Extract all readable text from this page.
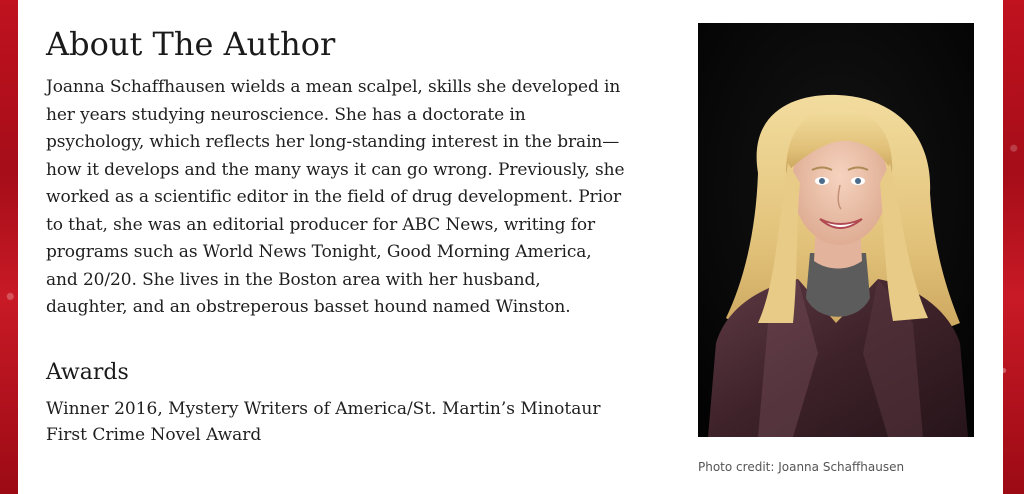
About The Author

Joanna Schaffhausen wields a mean scalpel, skills she developed in her years studying neuroscience. She has a doctorate in psychology, which reflects her long-standing interest in the brain—how it develops and the many ways it can go wrong. Previously, she worked as a scientific editor in the field of drug development. Prior to that, she was an editorial producer for ABC News, writing for programs such as World News Tonight, Good Morning America, and 20/20. She lives in the Boston area with her husband, daughter, and an obstreperous basset hound named Winston.

Awards

Winner 2016, Mystery Writers of America/St. Martin’s Minotaur First Crime Novel Award

Photo credit: Joanna Schaffhausen
